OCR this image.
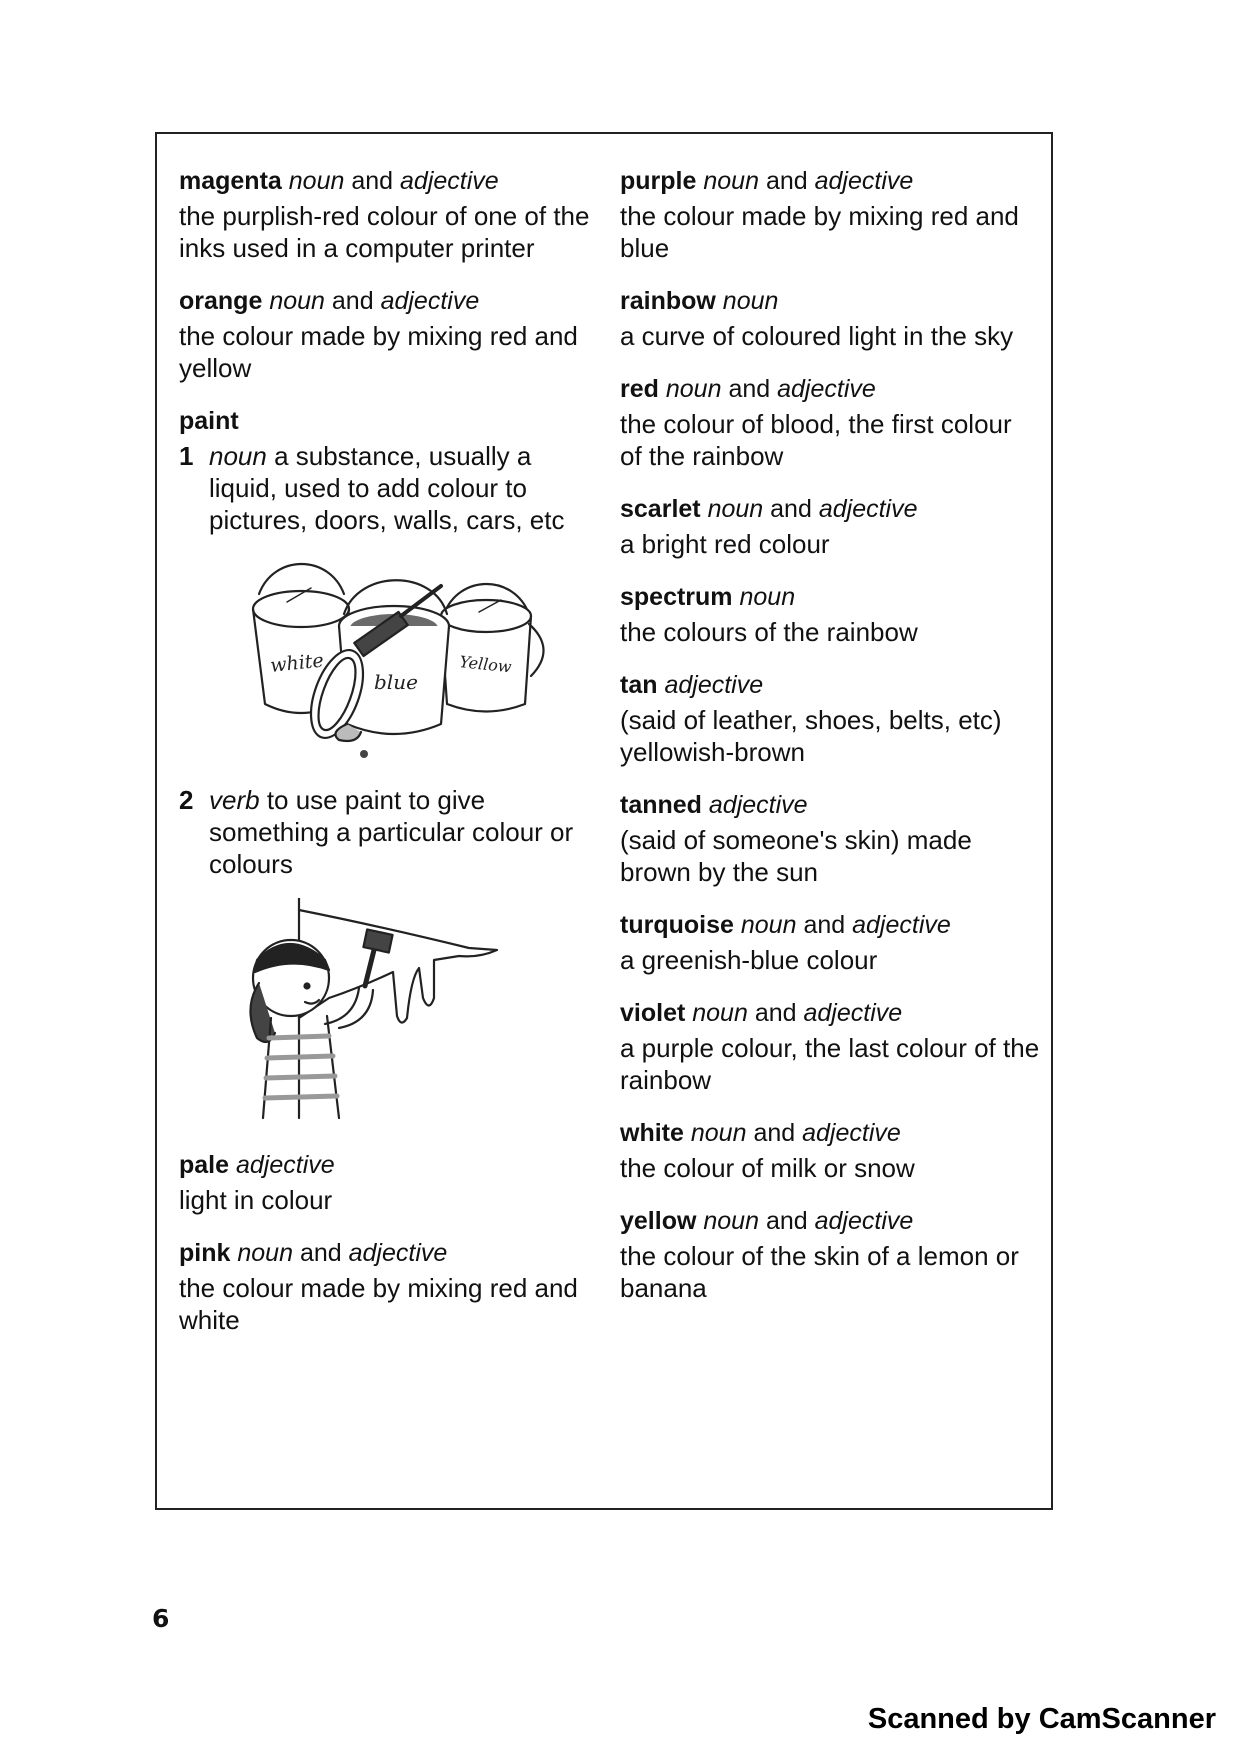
magenta noun and adjective

the purplish-red colour of one of the inks used in a computer printer

orange noun and adjective

the colour made by mixing red and yellow

paint
1 noun a substance, usually a liquid, used to add colour to pictures, doors, walls, cars, etc
white
blue
Yellow
2 verb to use paint to give something a particular colour or colours
pale adjective

light in colour

pink noun and adjective

the colour made by mixing red and white

purple noun and adjective

the colour made by mixing red and blue

rainbow noun

a curve of coloured light in the sky

red noun and adjective

the colour of blood, the first colour of the rainbow

scarlet noun and adjective

a bright red colour

spectrum noun

the colours of the rainbow

tan adjective

(said of leather, shoes, belts, etc) yellowish-brown

tanned adjective

(said of someone's skin) made brown by the sun

turquoise noun and adjective

a greenish-blue colour

violet noun and adjective

a purple colour, the last colour of the rainbow

white noun and adjective

the colour of milk or snow

yellow noun and adjective

the colour of the skin of a lemon or banana

6
Scanned by CamScanner
